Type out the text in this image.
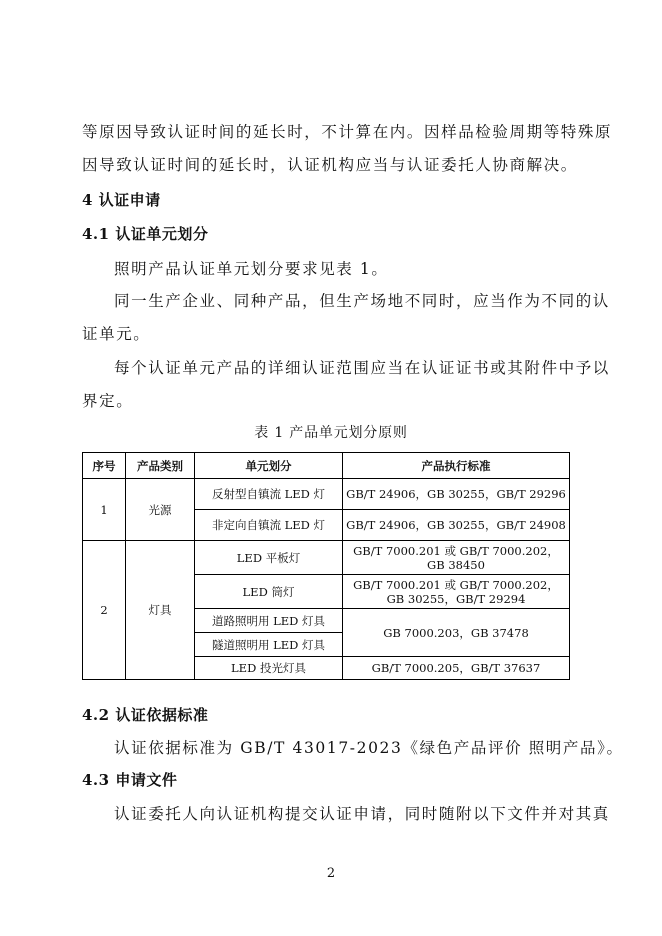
等原因导致认证时间的延长时，不计算在内。因样品检验周期等特殊原
因导致认证时间的延长时，认证机构应当与认证委托人协商解决。
4 认证申请
4.1 认证单元划分
照明产品认证单元划分要求见表 1。
同一生产企业、同种产品，但生产场地不同时，应当作为不同的认
证单元。
每个认证单元产品的详细认证范围应当在认证证书或其附件中予以
界定。
表 1 产品单元划分原则
序号	产品类别	单元划分	产品执行标准
1	光源	反射型自镇流 LED 灯	GB/T 24906，GB 30255，GB/T 29296
		非定向自镇流 LED 灯	GB/T 24906，GB 30255，GB/T 24908
2	灯具	LED 平板灯	GB/T 7000.201 或 GB/T 7000.202，GB 38450
		LED 筒灯	GB/T 7000.201 或 GB/T 7000.202，GB 30255，GB/T 29294
		道路照明用 LED 灯具	GB 7000.203，GB 37478
		隧道照明用 LED 灯具	
		LED 投光灯具	GB/T 7000.205，GB/T 37637
4.2 认证依据标准
认证依据标准为 GB/T 43017-2023《绿色产品评价 照明产品》。
4.3 申请文件
认证委托人向认证机构提交认证申请，同时随附以下文件并对其真
2
